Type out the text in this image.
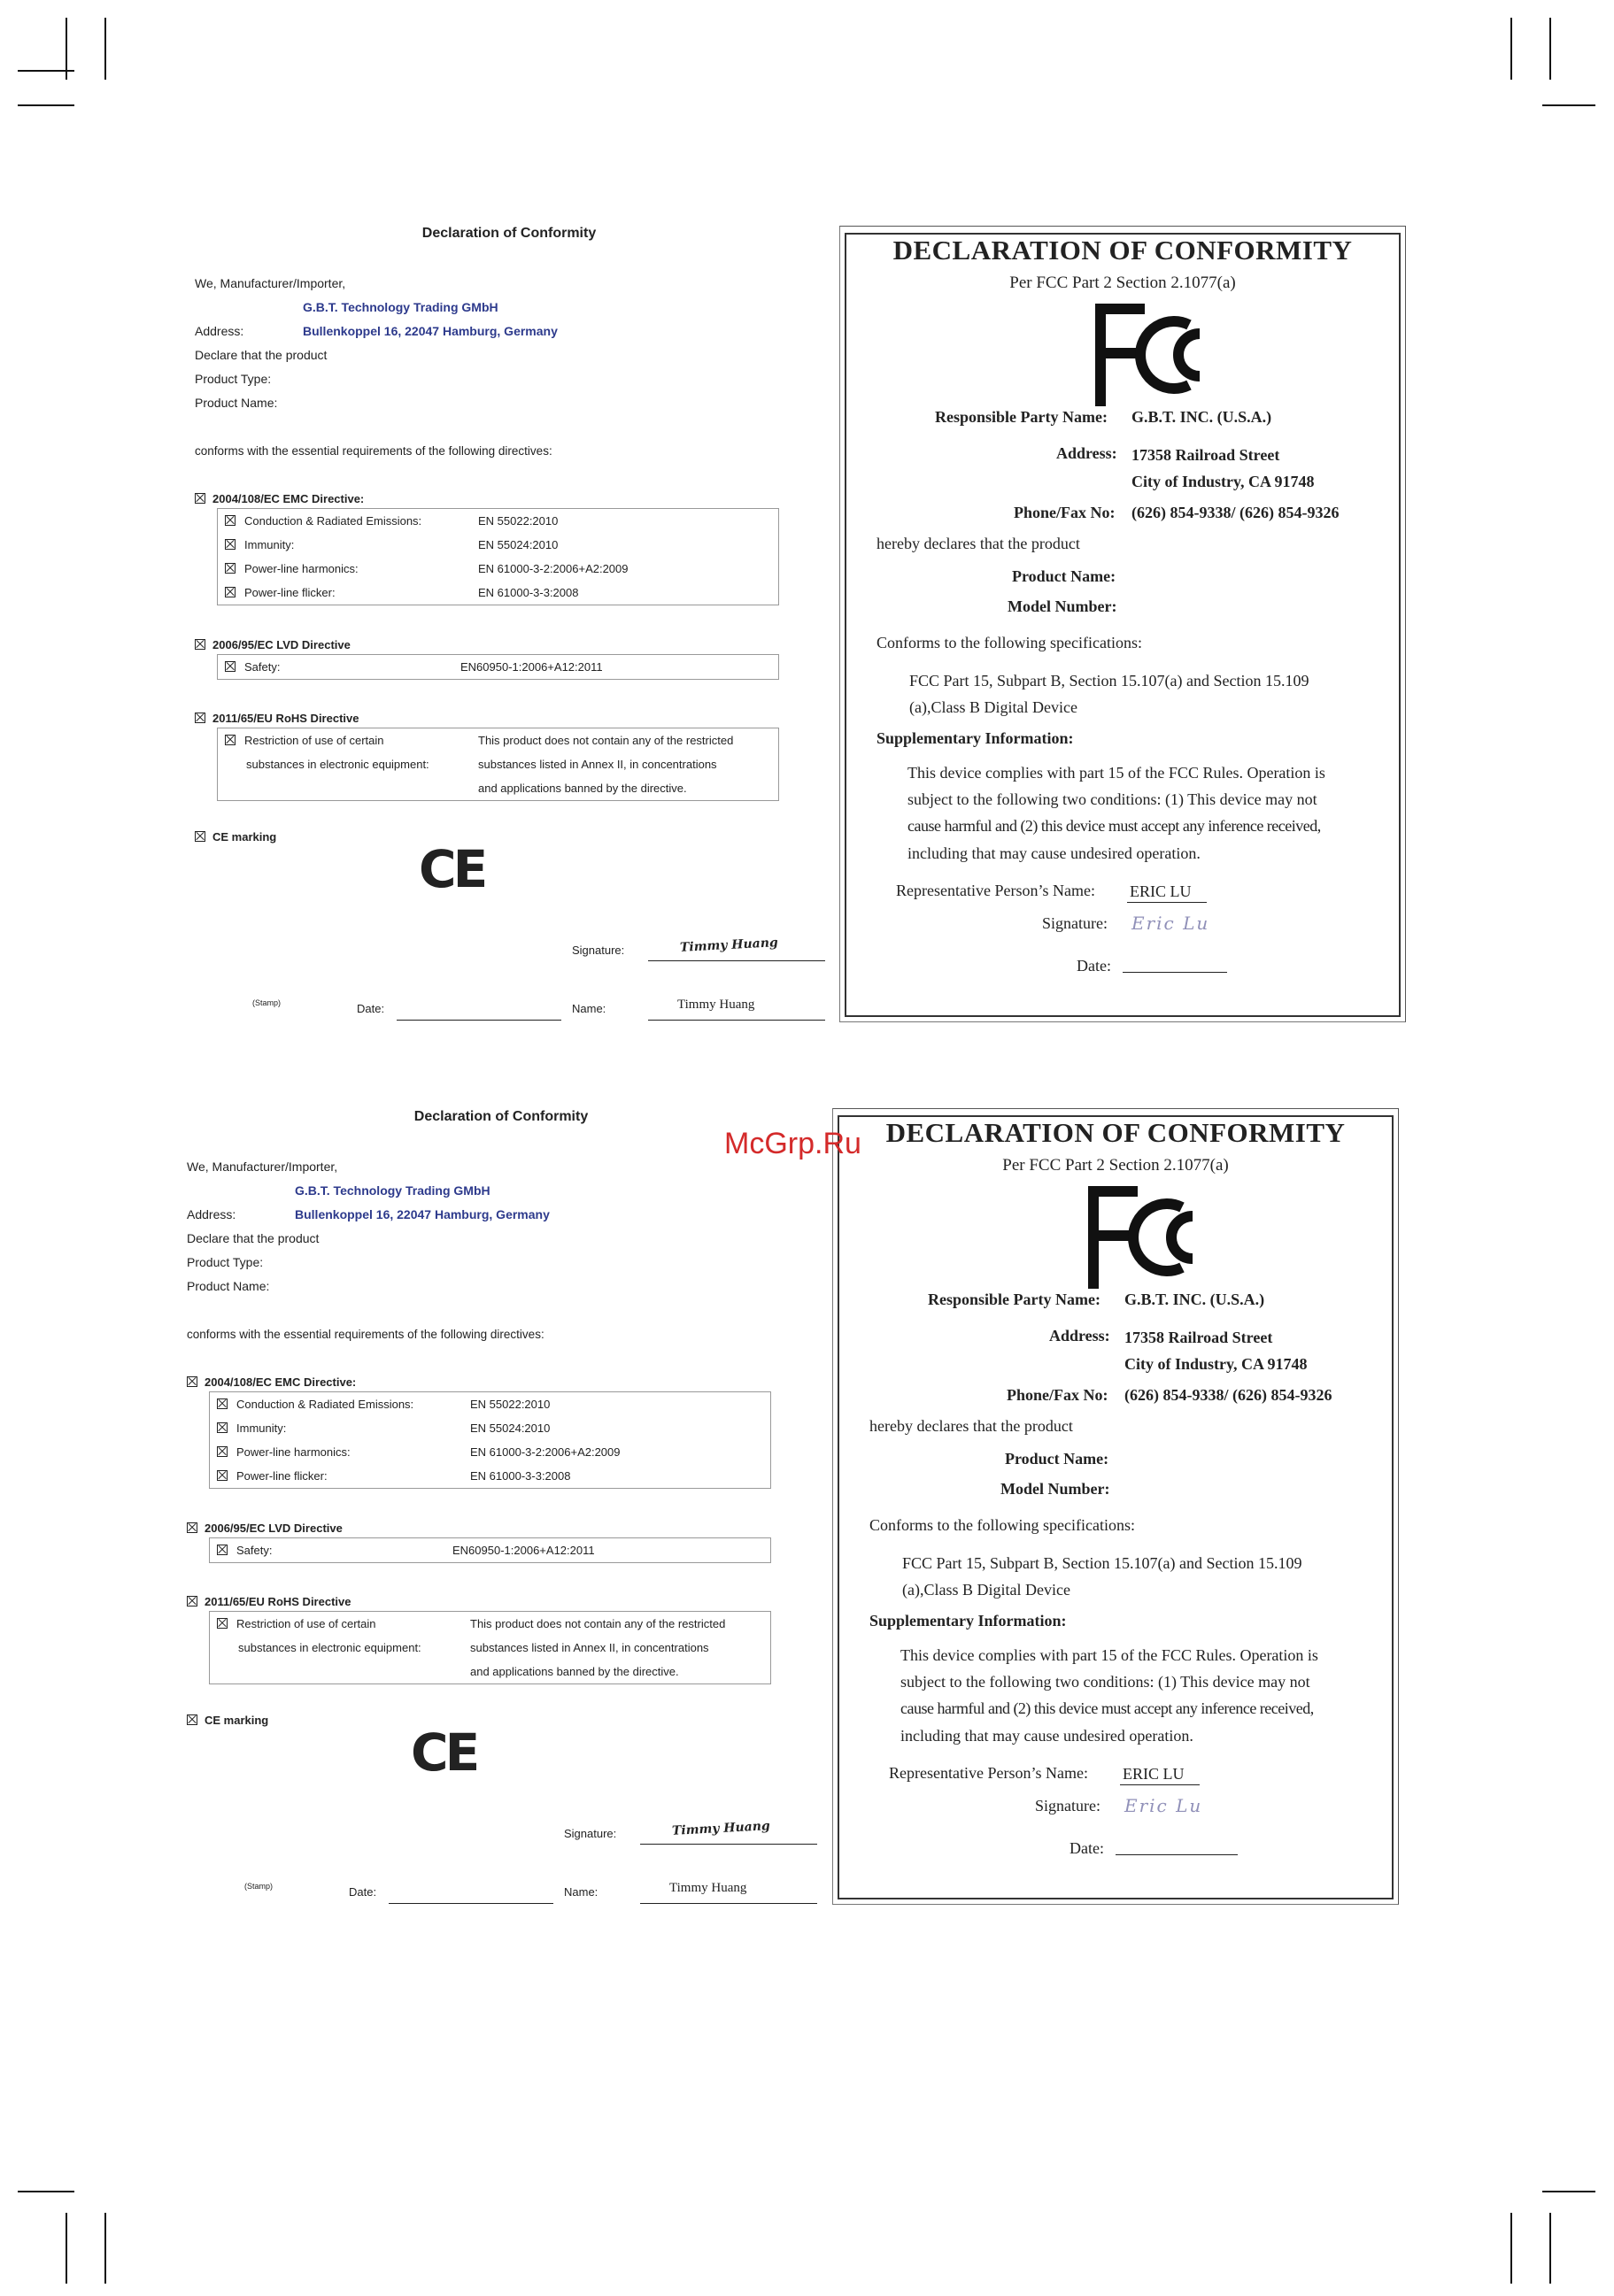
Declaration of Conformity
We, Manufacturer/Importer,
G.B.T. Technology Trading GMbH
Address:	Bullenkoppel 16, 22047 Hamburg, Germany
Declare that the product
Product Type:
Product Name:
conforms with the essential requirements of the following directives:
2004/108/EC EMC Directive:
Conduction & Radiated Emissions:	EN 55022:2010
Immunity:	EN 55024:2010
Power-line harmonics:	EN 61000-3-2:2006+A2:2009
Power-line flicker:	EN 61000-3-3:2008
2006/95/EC LVD Directive
Safety:	EN60950-1:2006+A12:2011
2011/65/EU RoHS Directive
Restriction of use of certain	This product does not contain any of the restricted
substances in electronic equipment:	substances listed in Annex II, in concentrations
and applications banned by the directive.
CE marking
CE
Signature:	Timmy Huang
(Stamp)	Date:	Name:	Timmy Huang
DECLARATION OF CONFORMITY
Per FCC Part 2 Section 2.1077(a)
Responsible Party Name: G.B.T. INC. (U.S.A.)
Address: 17358 Railroad Street
City of Industry, CA 91748
Phone/Fax No: (626) 854-9338/ (626) 854-9326
hereby declares that the product
Product Name:
Model Number:
Conforms to the following specifications:
FCC Part 15, Subpart B, Section 15.107(a) and Section 15.109
(a),Class B Digital Device
Supplementary Information:
This device complies with part 15 of the FCC Rules. Operation is
subject to the following two conditions: (1) This device may not
cause harmful and (2) this device must accept any inference received,
including that may cause undesired operation.
Representative Person’s Name: ERIC LU
Signature: Eric Lu
Date:
Declaration of Conformity
We, Manufacturer/Importer,
G.B.T. Technology Trading GMbH
Address:	Bullenkoppel 16, 22047 Hamburg, Germany
Declare that the product
Product Type:
Product Name:
conforms with the essential requirements of the following directives:
2004/108/EC EMC Directive:
Conduction & Radiated Emissions:	EN 55022:2010
Immunity:	EN 55024:2010
Power-line harmonics:	EN 61000-3-2:2006+A2:2009
Power-line flicker:	EN 61000-3-3:2008
2006/95/EC LVD Directive
Safety:	EN60950-1:2006+A12:2011
2011/65/EU RoHS Directive
Restriction of use of certain	This product does not contain any of the restricted
substances in electronic equipment:	substances listed in Annex II, in concentrations
and applications banned by the directive.
CE marking
CE
Signature:	Timmy Huang
(Stamp)	Date:	Name:	Timmy Huang
DECLARATION OF CONFORMITY
Per FCC Part 2 Section 2.1077(a)
Responsible Party Name: G.B.T. INC. (U.S.A.)
Address: 17358 Railroad Street
City of Industry, CA 91748
Phone/Fax No: (626) 854-9338/ (626) 854-9326
hereby declares that the product
Product Name:
Model Number:
Conforms to the following specifications:
FCC Part 15, Subpart B, Section 15.107(a) and Section 15.109
(a),Class B Digital Device
Supplementary Information:
This device complies with part 15 of the FCC Rules. Operation is
subject to the following two conditions: (1) This device may not
cause harmful and (2) this device must accept any inference received,
including that may cause undesired operation.
Representative Person’s Name: ERIC LU
Signature: Eric Lu
Date:
McGrp.Ru
